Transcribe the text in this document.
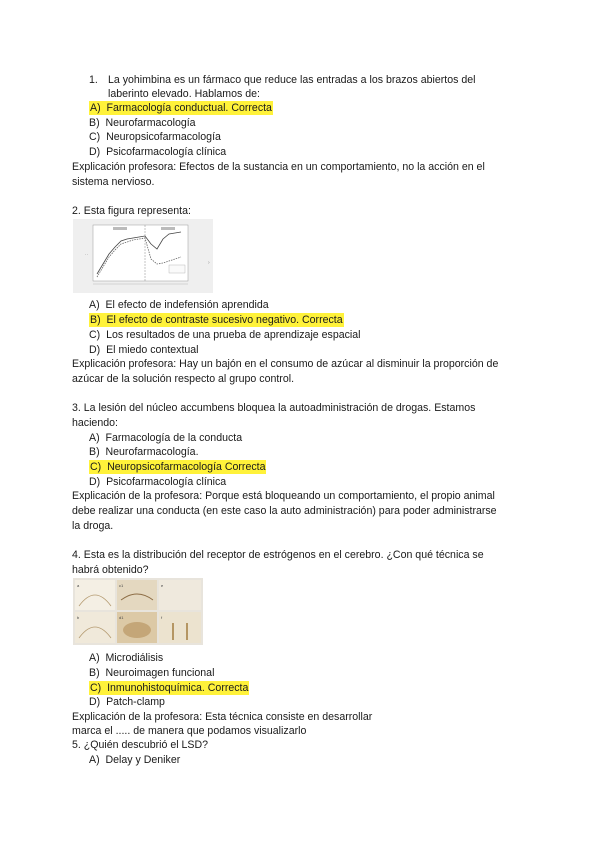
1. La yohimbina es un fármaco que reduce las entradas a los brazos abiertos del
laberinto elevado. Hablamos de:
A) Farmacología conductual. Correcta
B) Neurofarmacología
C) Neuropsicofarmacología
D) Psicofarmacología clínica
Explicación profesora: Efectos de la sustancia en un comportamiento, no la acción en el
sistema nervioso.
2. Esta figura representa:
- -
›
A) El efecto de indefensión aprendida
B) El efecto de contraste sucesivo negativo. Correcta
C) Los resultados de una prueba de aprendizaje espacial
D) El miedo contextual
Explicación profesora: Hay un bajón en el consumo de azúcar al disminuir la proporción de
azúcar de la solución respecto al grupo control.
3. La lesión del núcleo accumbens bloquea la autoadministración de drogas. Estamos
haciendo:
A) Farmacología de la conducta
B) Neurofarmacología.
C) Neuropsicofarmacología Correcta
D) Psicofarmacología clínica
Explicación de la profesora: Porque está bloqueando un comportamiento, el propio animal
debe realizar una conducta (en este caso la auto administración) para poder administrarse
la droga.
4. Esta es la distribución del receptor de estrógenos en el cerebro. ¿Con qué técnica se
habrá obtenido?
a	c1	e
b	d1	f
A) Microdiálisis
B) Neuroimagen funcional
C) Inmunohistoquímica. Correcta
D) Patch-clamp
Explicación de la profesora: Esta técnica consiste en desarrollar
marca el ..... de manera que podamos visualizarlo
5. ¿Quién descubrió el LSD?
A) Delay y Deniker
